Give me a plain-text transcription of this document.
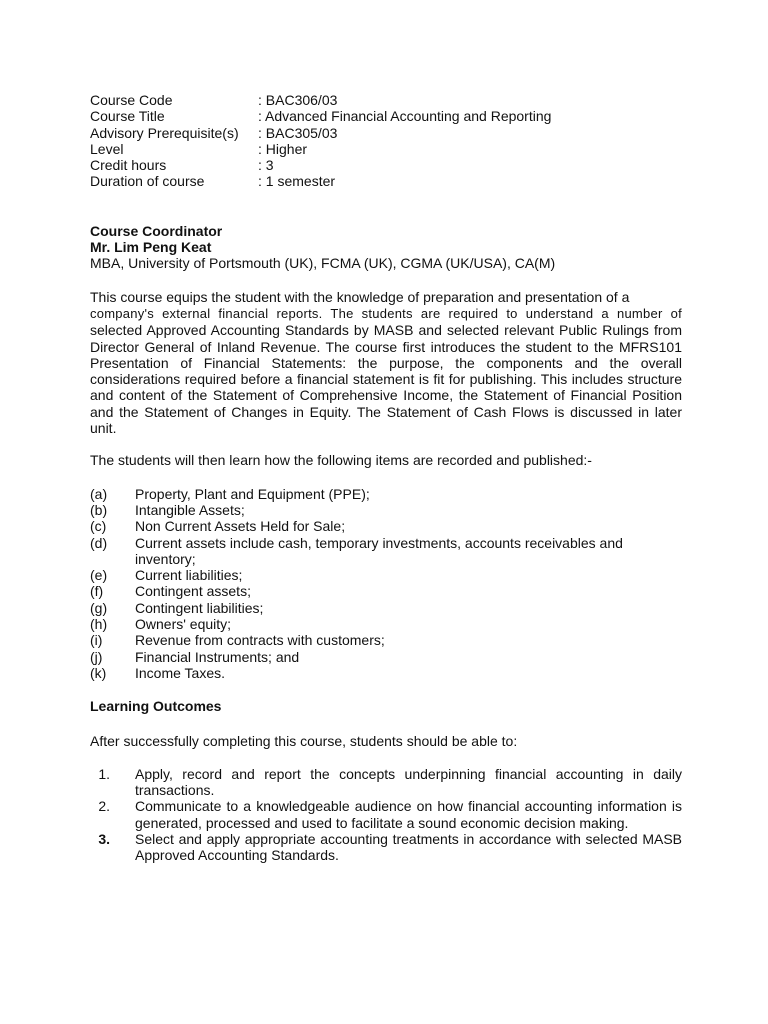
Course Code	: BAC306/03
Course Title	: Advanced Financial Accounting and Reporting
Advisory Prerequisite(s)	: BAC305/03
Level	: Higher
Credit hours	: 3
Duration of course	: 1 semester
Course Coordinator
Mr. Lim Peng Keat
MBA, University of Portsmouth (UK), FCMA (UK), CGMA (UK/USA), CA(M)

This course equips the student with the knowledge of preparation and presentation of a
company's external financial reports. The students are required to understand a number of selected Approved Accounting Standards by MASB and selected relevant Public Rulings from Director General of Inland Revenue. The course first introduces the student to the MFRS101 Presentation of Financial Statements: the purpose, the components and the overall considerations required before a financial statement is fit for publishing. This includes structure and content of the Statement of Comprehensive Income, the Statement of Financial Position and the Statement of Changes in Equity. The Statement of Cash Flows is discussed in later unit.

The students will then learn how the following items are recorded and published:-

(a)	Property, Plant and Equipment (PPE);
(b)	Intangible Assets;
(c)	Non Current Assets Held for Sale;
(d)	Current assets include cash, temporary investments, accounts receivables and inventory;
(e)	Current liabilities;
(f)	Contingent assets;
(g)	Contingent liabilities;
(h)	Owners' equity;
(i)	Revenue from contracts with customers;
(j)	Financial Instruments; and
(k)	Income Taxes.
Learning Outcomes
After successfully completing this course, students should be able to:
1.	Apply, record and report the concepts underpinning financial accounting in daily transactions.
2.	Communicate to a knowledgeable audience on how financial accounting information is generated, processed and used to facilitate a sound economic decision making.
3.	Select and apply appropriate accounting treatments in accordance with selected MASB Approved Accounting Standards.
